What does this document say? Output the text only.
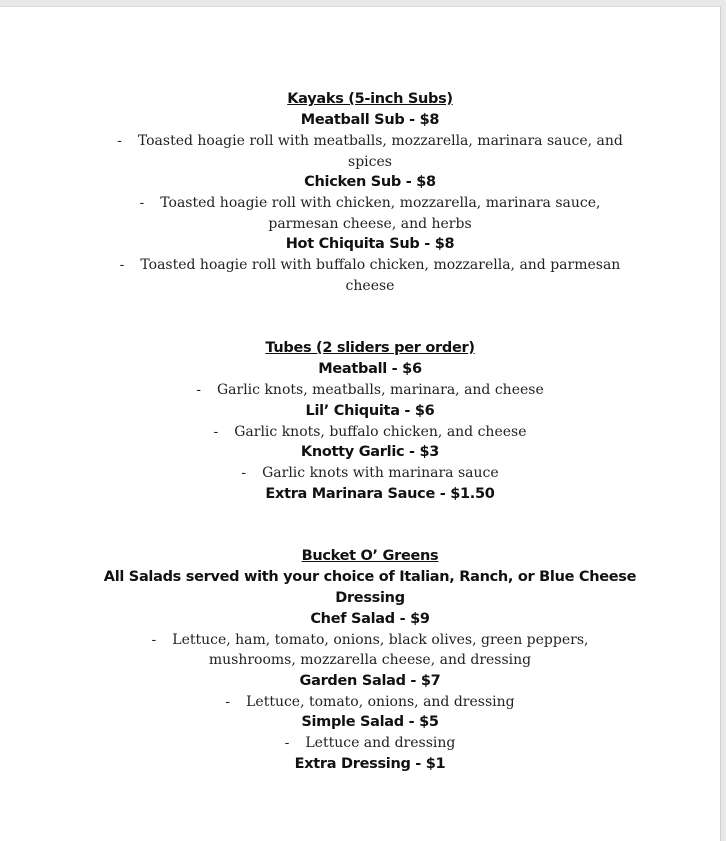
Kayaks (5-inch Subs)
Meatball Sub - $8
- Toasted hoagie roll with meatballs, mozzarella, marinara sauce, and spices
Chicken Sub - $8
- Toasted hoagie roll with chicken, mozzarella, marinara sauce, parmesan cheese, and herbs
Hot Chiquita Sub - $8
- Toasted hoagie roll with buffalo chicken, mozzarella, and parmesan cheese
Tubes (2 sliders per order)
Meatball - $6
- Garlic knots, meatballs, marinara, and cheese
Lil’ Chiquita - $6
- Garlic knots, buffalo chicken, and cheese
Knotty Garlic - $3
- Garlic knots with marinara sauce
Extra Marinara Sauce - $1.50
Bucket O’ Greens
All Salads served with your choice of Italian, Ranch, or Blue Cheese Dressing
Chef Salad - $9
- Lettuce, ham, tomato, onions, black olives, green peppers, mushrooms, mozzarella cheese, and dressing
Garden Salad - $7
- Lettuce, tomato, onions, and dressing
Simple Salad - $5
- Lettuce and dressing
Extra Dressing - $1
